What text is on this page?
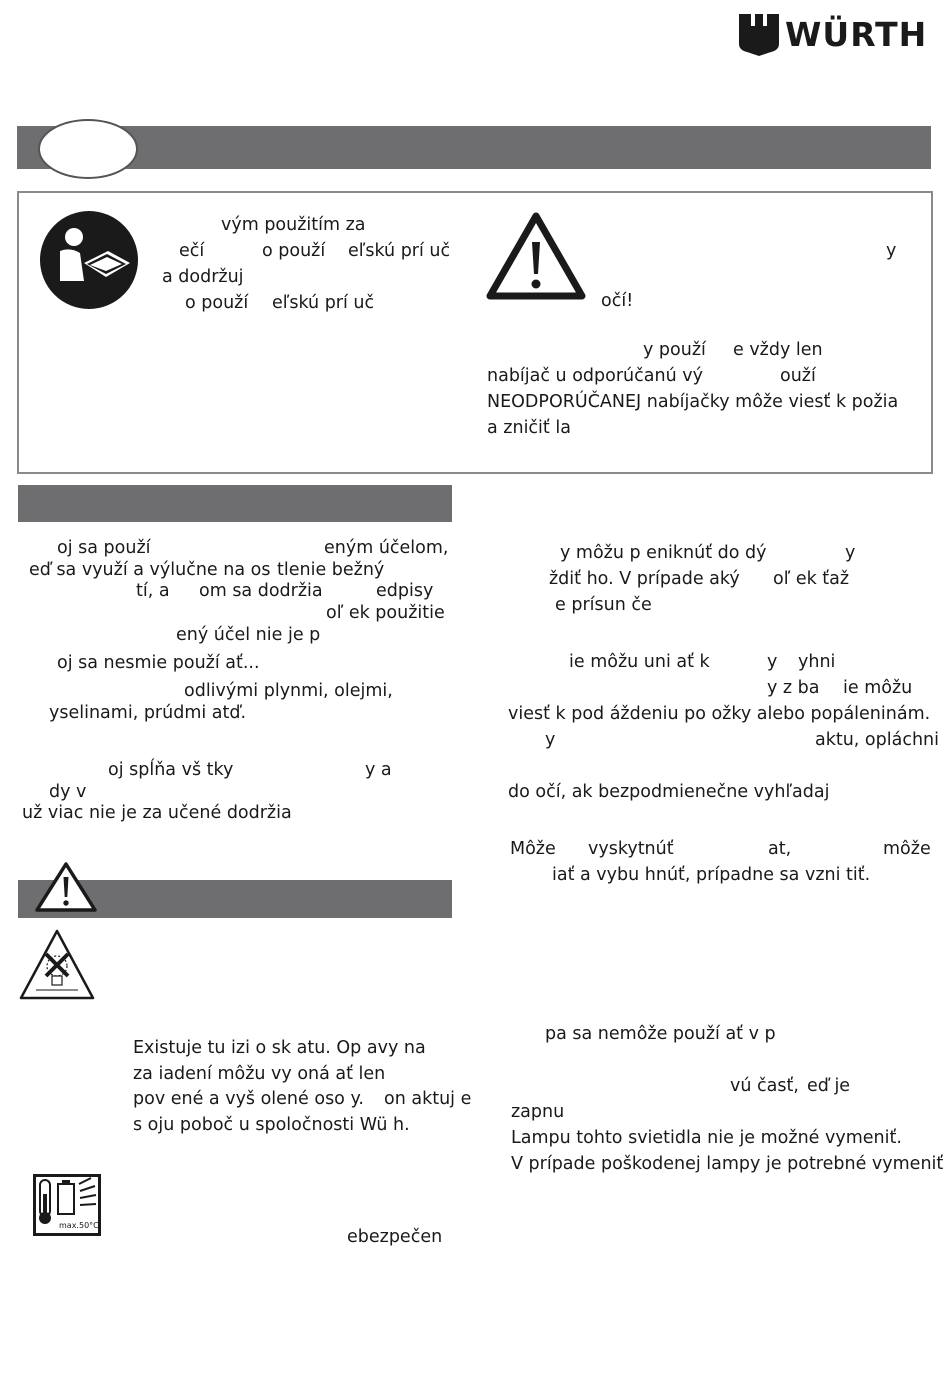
WÜRTH
vým použitím za
ečí	o použí eľskú prí uč
a dodržuj
o použí eľskú prí uč
y
očí!
y použí e vždy len
nabíjač u odporúčanú vý	ouží
NEODPORÚČANEJ nabíjačky môže viesť k požia
a zničiť la
oj sa použí	eným účelom,
eď sa využí a výlučne na os tlenie bežný
tí, a om sa dodržia	edpisy
oľ ek použitie
ený účel nie je p
oj sa nesmie použí ať...
odlivými plynmi, olejmi,
yselinami, prúdmi atď.
oj spĺňa vš tky	y a
dy v
už viac nie je za učené dodržia
Existuje tu izi o sk atu. Op avy na
za iadení môžu vy oná ať len
pov ené a vyš olené oso y. on aktuj e
s oju poboč u spoločnosti Wü h.
max.50°C
ebezpečen
y môžu p eniknúť do dý	y
ždiť ho. V prípade aký oľ ek ťaž
e prísun če
ie môžu uni ať k	y yhni
y z ba ie môžu
viesť k pod áždeniu po ožky alebo popáleninám.
y	aktu, opláchni
do očí, ak bezpodmienečne vyhľadaj
Môže vyskytnúť	at,	môže
iať a vybu hnúť, prípadne sa vzni tiť.
pa sa nemôže použí ať v p
vú časť, eď je
zapnu
Lampu tohto svietidla nie je možné vymeniť.
V prípade poškodenej lampy je potrebné vymeniť
